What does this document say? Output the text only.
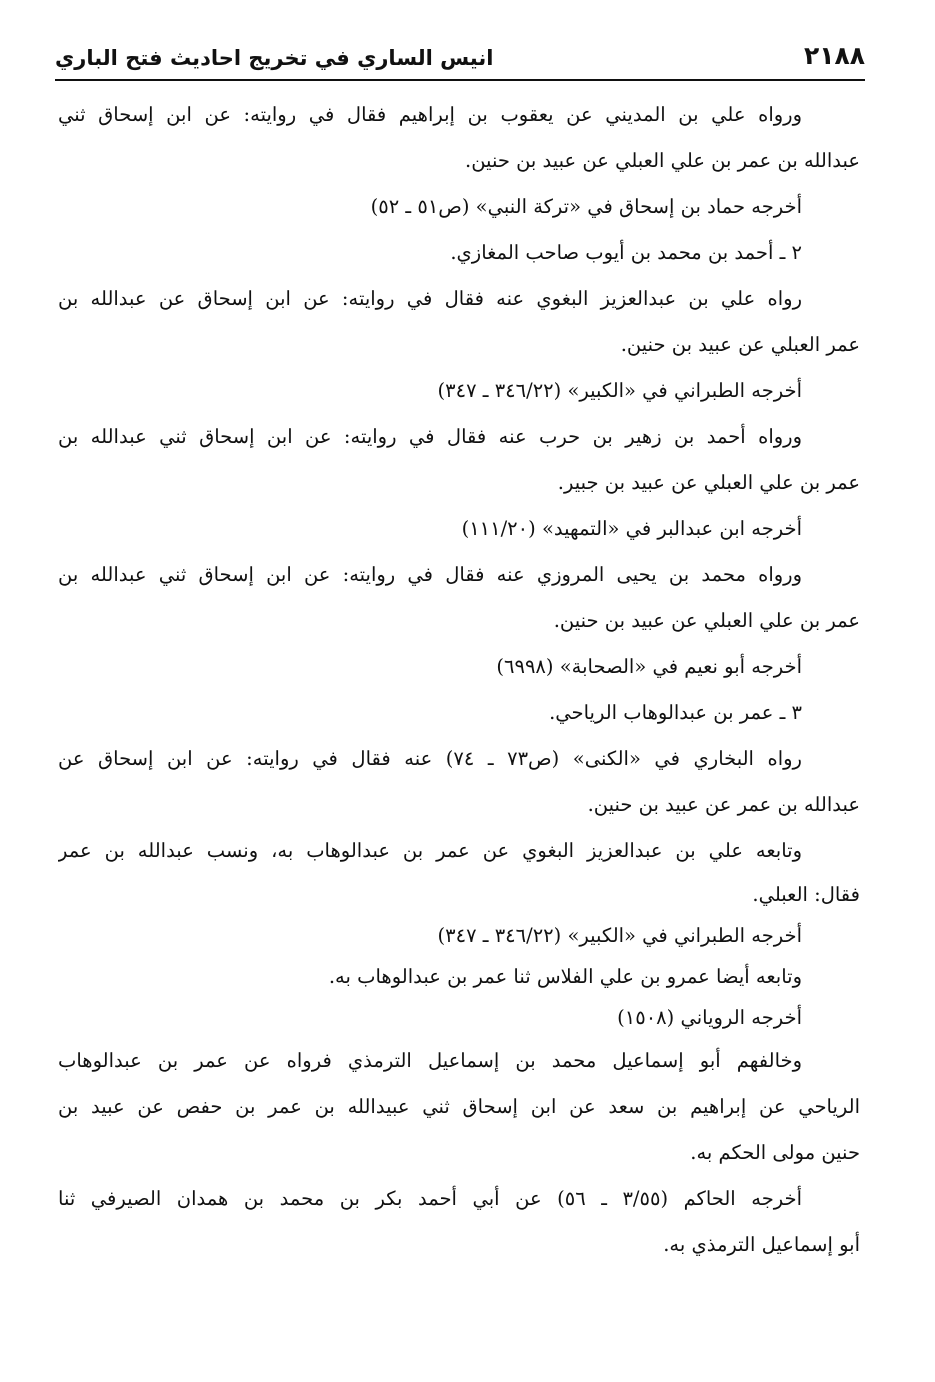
٢١٨٨
انيس الساري في تخريج احاديث فتح الباري
ورواه علي بن المديني عن يعقوب بن إبراهيم فقال في روايته: عن ابن إسحاق ثني
عبدالله بن عمر بن علي العبلي عن عبيد بن حنين.
أخرجه حماد بن إسحاق في «تركة النبي» (ص٥١ ـ ٥٢)
٢ ـ أحمد بن محمد بن أيوب صاحب المغازي.
رواه علي بن عبدالعزيز البغوي عنه فقال في روايته: عن ابن إسحاق عن عبدالله بن
عمر العبلي عن عبيد بن حنين.
أخرجه الطبراني في «الكبير» (٣٤٦/٢٢ ـ ٣٤٧)
ورواه أحمد بن زهير بن حرب عنه فقال في روايته: عن ابن إسحاق ثني عبدالله بن
عمر بن علي العبلي عن عبيد بن جبير.
أخرجه ابن عبدالبر في «التمهيد» (١١١/٢٠)
ورواه محمد بن يحيى المروزي عنه فقال في روايته: عن ابن إسحاق ثني عبدالله بن
عمر بن علي العبلي عن عبيد بن حنين.
أخرجه أبو نعيم في «الصحابة» (٦٩٩٨)
٣ ـ عمر بن عبدالوهاب الرياحي.
رواه البخاري في «الكنى» (ص٧٣ ـ ٧٤) عنه فقال في روايته: عن ابن إسحاق عن
عبدالله بن عمر عن عبيد بن حنين.
وتابعه علي بن عبدالعزيز البغوي عن عمر بن عبدالوهاب به، ونسب عبدالله بن عمر
فقال: العبلي.
أخرجه الطبراني في «الكبير» (٣٤٦/٢٢ ـ ٣٤٧)
وتابعه أيضا عمرو بن علي الفلاس ثنا عمر بن عبدالوهاب به.
أخرجه الروياني (١٥٠٨)
وخالفهم أبو إسماعيل محمد بن إسماعيل الترمذي فرواه عن عمر بن عبدالوهاب
الرياحي عن إبراهيم بن سعد عن ابن إسحاق ثني عبيدالله بن عمر بن حفص عن عبيد بن
حنين مولى الحكم به.
أخرجه الحاكم (٣/٥٥ ـ ٥٦) عن أبي أحمد بكر بن محمد بن همدان الصيرفي ثنا
أبو إسماعيل الترمذي به.
